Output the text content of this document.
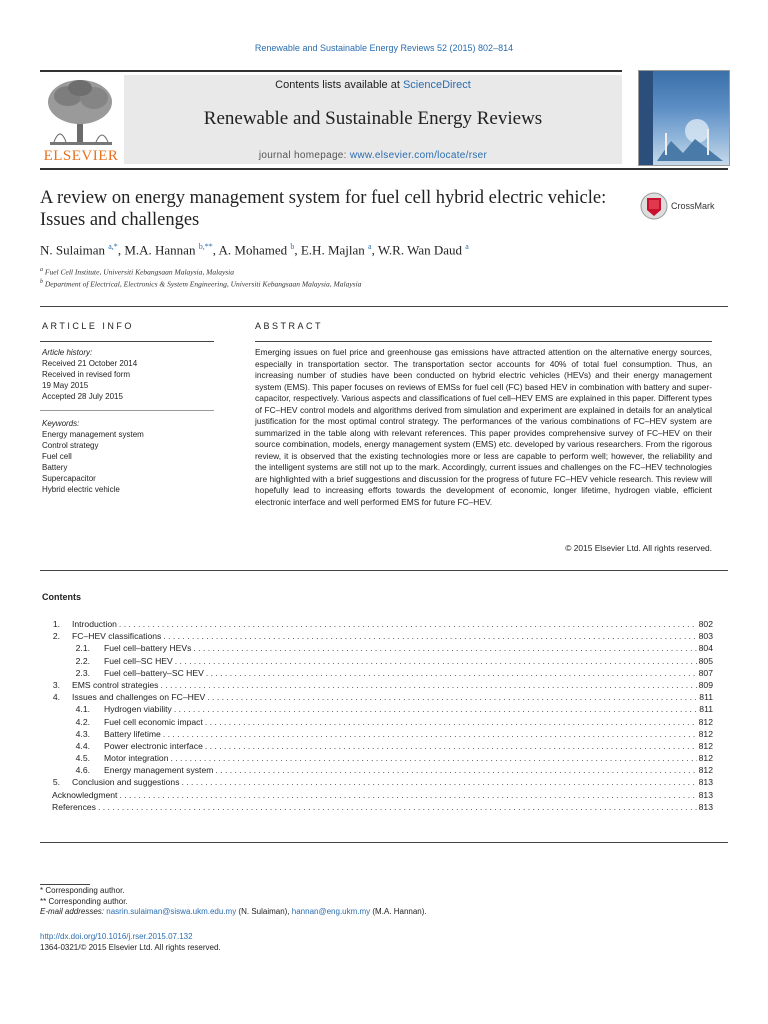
Renewable and Sustainable Energy Reviews 52 (2015) 802–814
ELSEVIER
Contents lists available at ScienceDirect
Renewable and Sustainable Energy Reviews
journal homepage: www.elsevier.com/locate/rser
A review on energy management system for fuel cell hybrid electric vehicle: Issues and challenges
CrossMark
N. Sulaiman $^{a,*}$, M.A. Hannan $^{b,**}$, A. Mohamed $^b$, E.H. Majlan $^a$, W.R. Wan Daud $^a$
$^a$ Fuel Cell Institute, Universiti Kebangsaan Malaysia, Malaysia
$^b$ Department of Electrical, Electronics & System Engineering, Universiti Kebangsaan Malaysia, Malaysia
ARTICLE INFO	ABSTRACT
Article history:
Received 21 October 2014
Received in revised form
19 May 2015
Accepted 28 July 2015
Keywords:
Energy management system
Control strategy
Fuel cell
Battery
Supercapacitor
Hybrid electric vehicle
Emerging issues on fuel price and greenhouse gas emissions have attracted attention on the alternative energy sources, especially in transportation sector. The transportation sector accounts for 40% of total fuel consumption. Thus, an increasing number of studies have been conducted on hybrid electric vehicles (HEVs) and their energy management system (EMS). This paper focuses on reviews of EMSs for fuel cell (FC) based HEV in combination with battery and super-capacitor, respectively. Various aspects and classifications of fuel cell–HEV EMS are explained in this paper. Different types of FC–HEV control models and algorithms derived from simulation and experiment are explained in details for an analytical justification for the most optimal control strategy. The performances of the various combinations of FC–HEV system are summarized in the table along with relevant references. This paper provides comprehensive survey of FC–HEV on their source combination, models, energy management system (EMS) etc. developed by various researchers. From the rigorous review, it is observed that the existing technologies more or less are capable to perform well; however, the reliability and the intelligent systems are still not up to the mark. Accordingly, current issues and challenges on the FC–HEV technologies are highlighted with a brief suggestions and discussion for the progress of future FC–HEV vehicle research. This review will hopefully lead to increasing efforts towards the development of economic, longer lifetime, hydrogen viable, efficient electronic interface and well performed EMS for future FC–HEV.
© 2015 Elsevier Ltd. All rights reserved.
Contents
1. Introduction . . .	802
2. FC–HEV classifications . . .	803
2.1. Fuel cell–battery HEVs . . .	804
2.2. Fuel cell–SC HEV . . .	805
2.3. Fuel cell–battery–SC HEV . . .	807
3. EMS control strategies . . .	809
4. Issues and challenges on FC–HEV . . .	811
4.1. Hydrogen viability . . .	811
4.2. Fuel cell economic impact . . .	812
4.3. Battery lifetime . . .	812
4.4. Power electronic interface . . .	812
4.5. Motor integration . . .	812
4.6. Energy management system . . .	812
5. Conclusion and suggestions . . .	813
Acknowledgment . . .	813
References . . .	813
* Corresponding author.
** Corresponding author.
E-mail addresses: nasrin.sulaiman@siswa.ukm.edu.my (N. Sulaiman), hannan@eng.ukm.my (M.A. Hannan).
http://dx.doi.org/10.1016/j.rser.2015.07.132
1364-0321/© 2015 Elsevier Ltd. All rights reserved.
